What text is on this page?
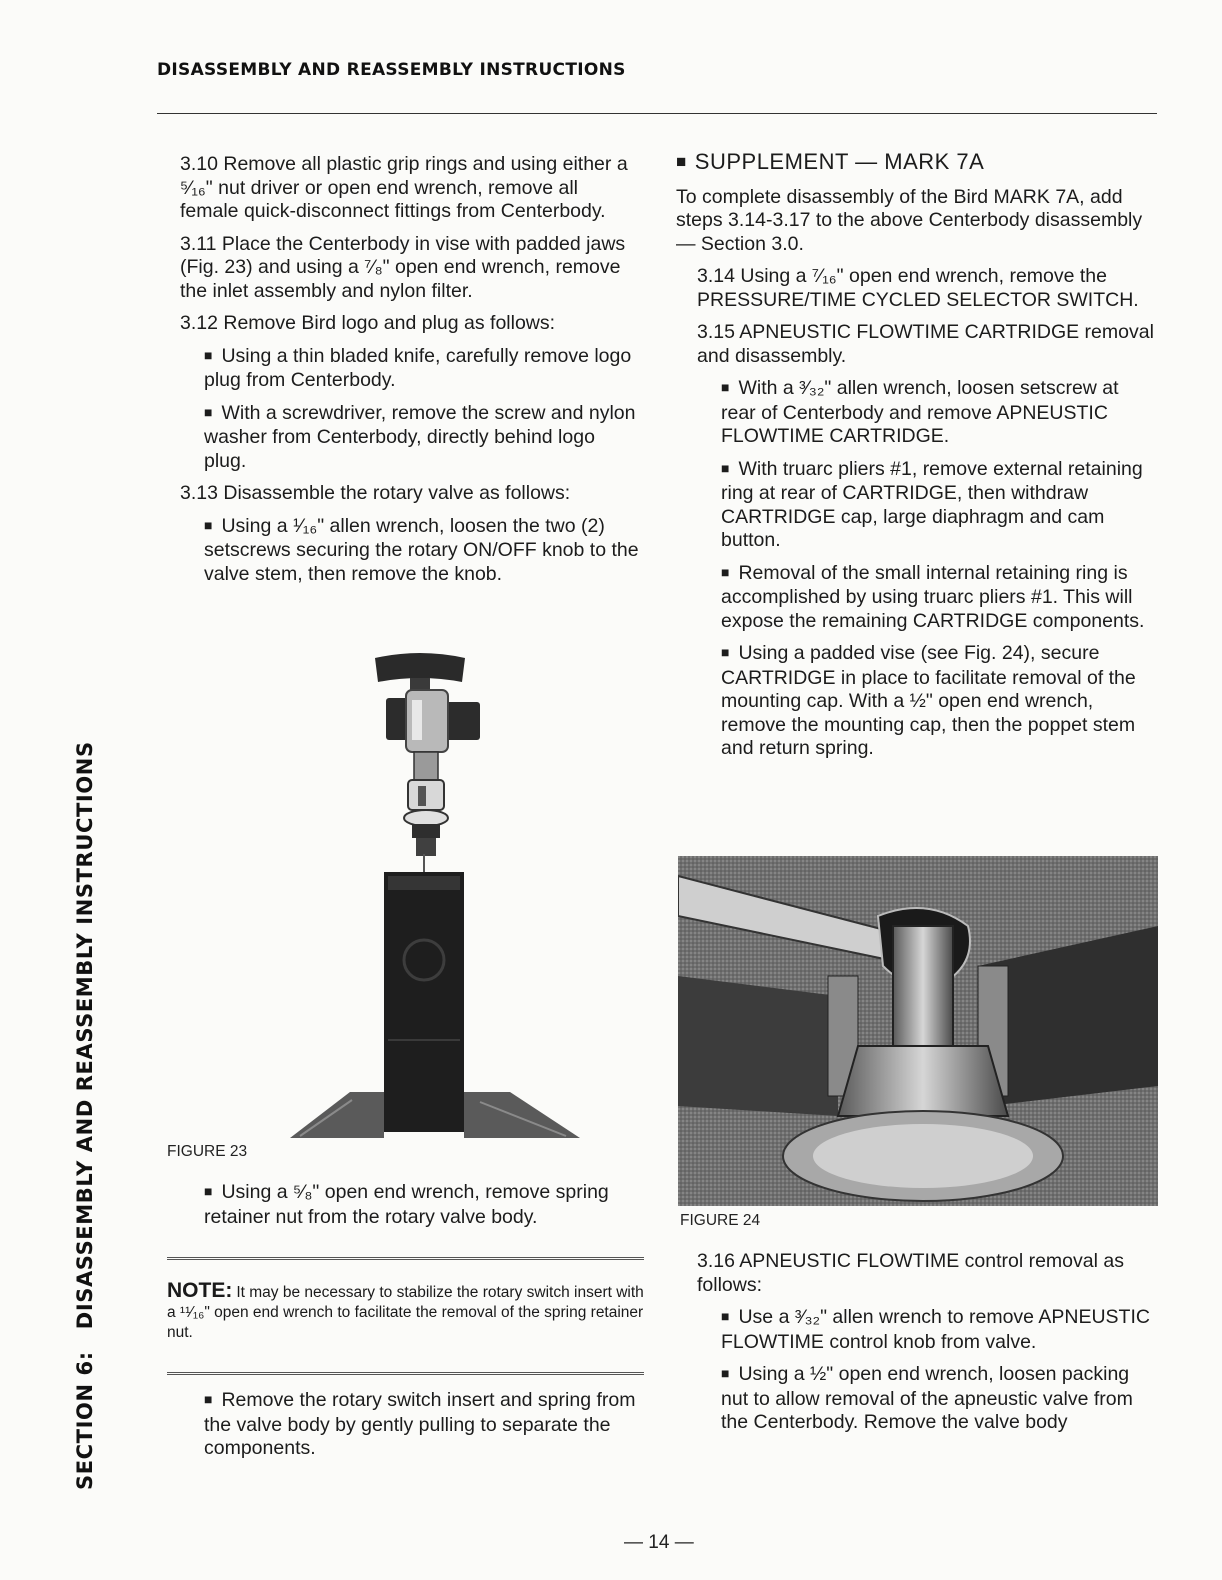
DISASSEMBLY AND REASSEMBLY INSTRUCTIONS
SECTION 6:DISASSEMBLY AND REASSEMBLY INSTRUCTIONS

3.10 Remove all plastic grip rings and using either a ⁵⁄₁₆" nut driver or open end wrench, remove all female quick-disconnect fittings from Centerbody.

3.11 Place the Centerbody in vise with padded jaws (Fig. 23) and using a ⁷⁄₈" open end wrench, remove the inlet assembly and nylon filter.

3.12 Remove Bird logo and plug as follows:

■ Using a thin bladed knife, carefully remove logo plug from Centerbody.

■ With a screwdriver, remove the screw and nylon washer from Centerbody, directly behind logo plug.

3.13 Disassemble the rotary valve as follows:

■ Using a ¹⁄₁₆" allen wrench, loosen the two (2) setscrews securing the rotary ON/OFF knob to the valve stem, then remove the knob.

FIGURE 23

■ Using a ⁵⁄₈" open end wrench, remove spring retainer nut from the rotary valve body.

NOTE: It may be necessary to stabilize the rotary switch insert with a ¹¹⁄₁₆" open end wrench to facilitate the removal of the spring retainer nut.

■ Remove the rotary switch insert and spring from the valve body by gently pulling to separate the components.

■ SUPPLEMENT — MARK 7A

To complete disassembly of the Bird MARK 7A, add steps 3.14-3.17 to the above Centerbody disassembly — Section 3.0.

3.14 Using a ⁷⁄₁₆" open end wrench, remove the PRESSURE/TIME CYCLED SELECTOR SWITCH.

3.15 APNEUSTIC FLOWTIME CARTRIDGE removal and disassembly.

■ With a ³⁄₃₂" allen wrench, loosen setscrew at rear of Centerbody and remove APNEUSTIC FLOWTIME CARTRIDGE.

■ With truarc pliers #1, remove external retaining ring at rear of CARTRIDGE, then withdraw CARTRIDGE cap, large diaphragm and cam button.

■ Removal of the small internal retaining ring is accomplished by using truarc pliers #1. This will expose the remaining CARTRIDGE components.

■ Using a padded vise (see Fig. 24), secure CARTRIDGE in place to facilitate removal of the mounting cap. With a ½" open end wrench, remove the mounting cap, then the poppet stem and return spring.

FIGURE 24

3.16 APNEUSTIC FLOWTIME control removal as follows:

■ Use a ³⁄₃₂" allen wrench to remove APNEUSTIC FLOWTIME control knob from valve.

■ Using a ½" open end wrench, loosen packing nut to allow removal of the apneustic valve from the Centerbody. Remove the valve body

— 14 —
